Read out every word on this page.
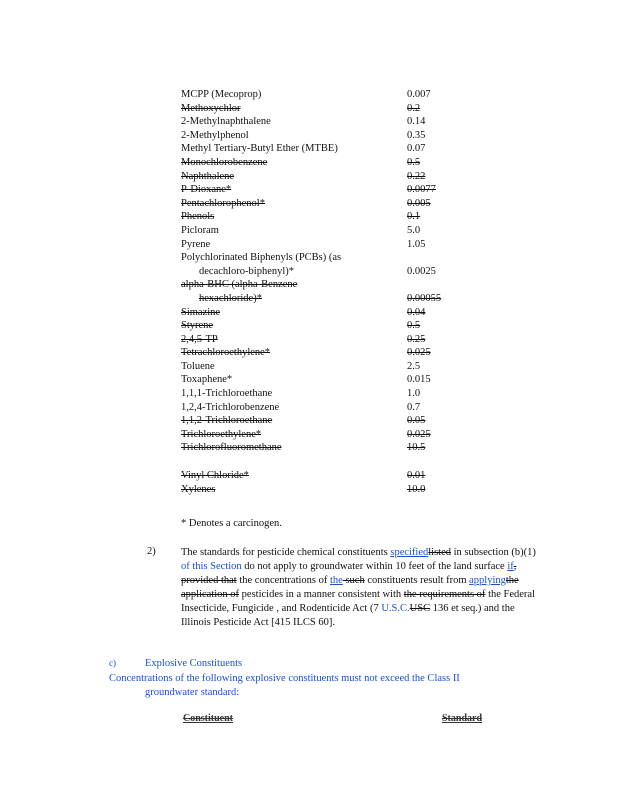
MCPP (Mecoprop)	0.007
Methoxychlor	0.2
2-Methylnaphthalene	0.14
2-Methylphenol	0.35
Methyl Tertiary-Butyl Ether (MTBE)	0.07
Monochlorobenzene	0.5
Naphthalene	0.22
P-Dioxane*	0.0077
Pentachlorophenol*	0.005
Phenols	0.1
Picloram	5.0
Pyrene	1.05
Polychlorinated Biphenyls (PCBs) (as
decachloro-biphenyl)*	0.0025
alpha-BHC (alpha-Benzene
hexachloride)*	0.00055
Simazine	0.04
Styrene	0.5
2,4,5-TP	0.25
Tetrachloroethylene*	0.025
Toluene	2.5
Toxaphene*	0.015
1,1,1-Trichloroethane	1.0
1,2,4-Trichlorobenzene	0.7
1,1,2-Trichloroethane	0.05
Trichloroethylene*	0.025
Trichlorofluoromethane	10.5
Vinyl Chloride*	0.01
Xylenes	10.0
* Denotes a carcinogen.
2) The standards for pesticide chemical constituents specifiedlisted in subsection (b)(1) of this Section do not apply to groundwater within 10 feet of the land surface if, provided that the concentrations of the such constituents result from applyingthe application of pesticides in a manner consistent with the requirements of the Federal Insecticide, Fungicide , and Rodenticide Act (7 U.S.C.USC 136 et seq.) and the Illinois Pesticide Act [415 ILCS 60].
c)	Explosive Constituents
Concentrations of the following explosive constituents must not exceed the Class II
groundwater standard:
Constituent	Standard
